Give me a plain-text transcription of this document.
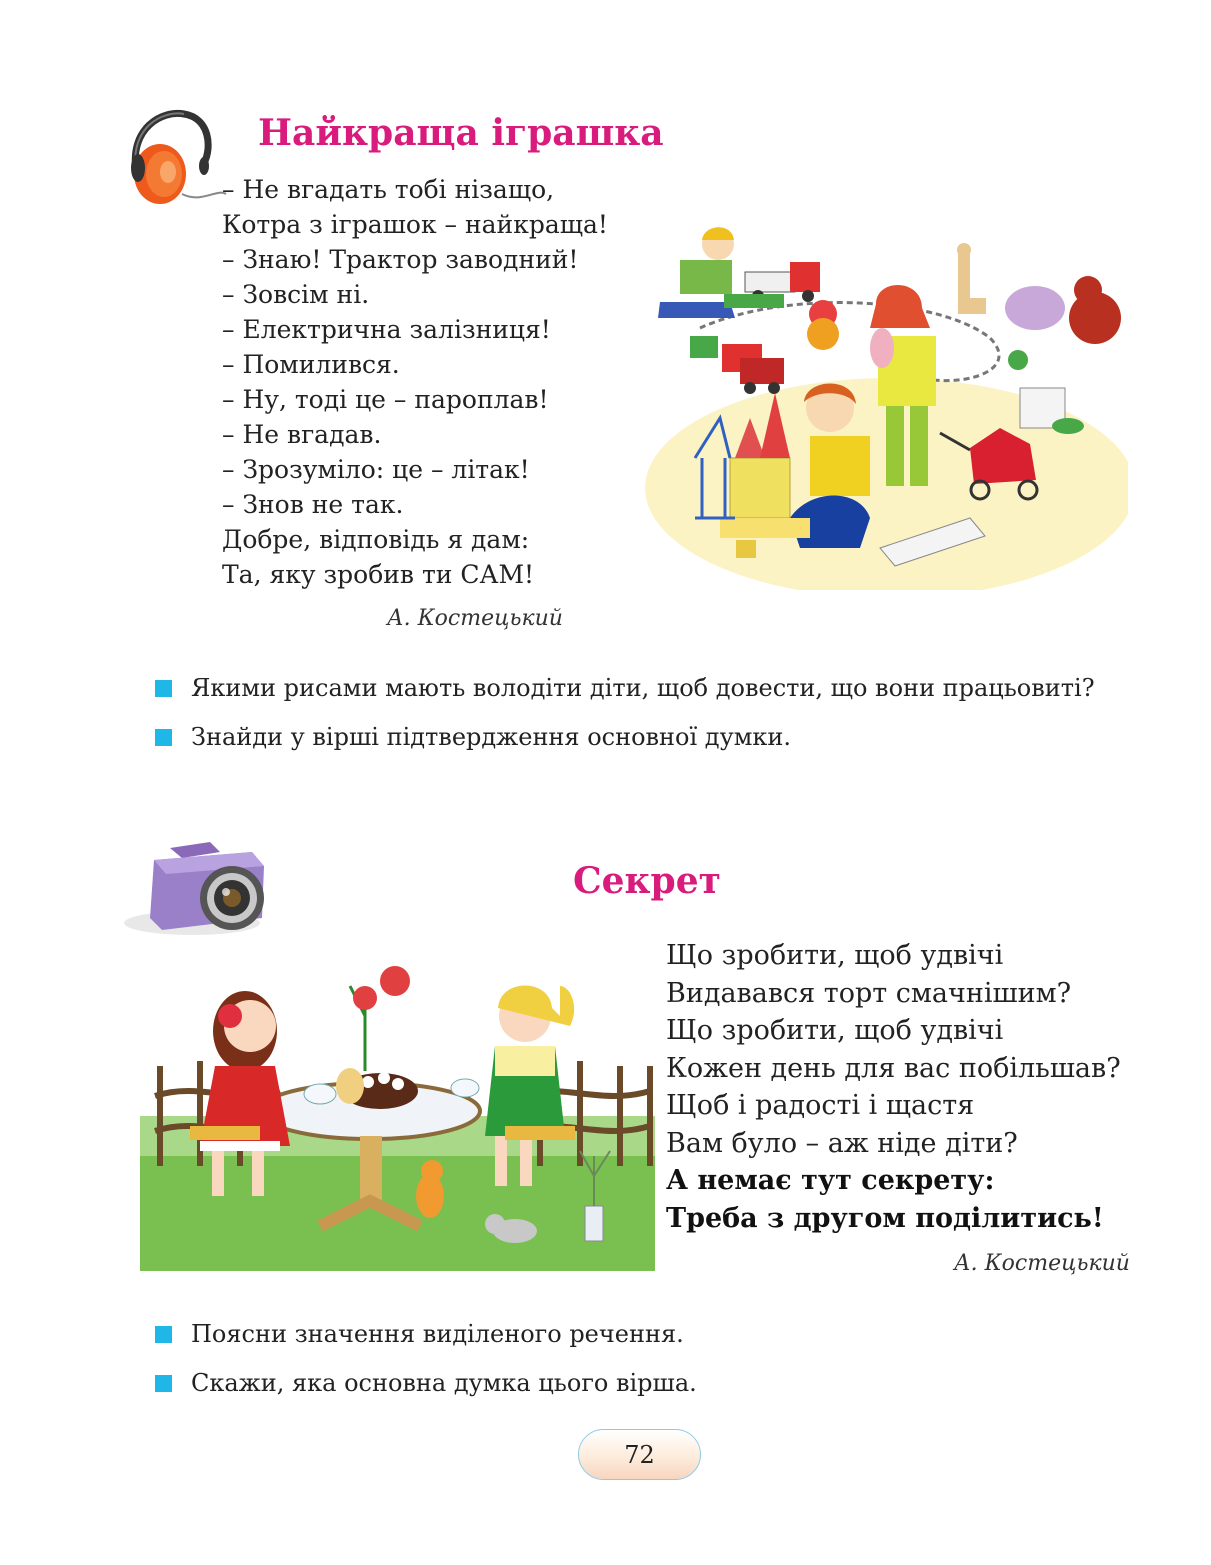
Найкраща іграшка
– Не вгадать тобі нізащо,
Котра з іграшок – найкраща!
– Знаю! Трактор заводний!
– Зовсім ні.
– Електрична залізниця!
– Помилився.
– Ну, тоді це – пароплав!
– Не вгадав.
– Зрозуміло: це – літак!
– Знов не так.
Добре, відповідь я дам:
Та, яку зробив ти САМ!
А. Костецький
Якими рисами мають володіти діти, щоб довести, що вони працьовиті?
Знайди у вірші підтвердження основної думки.
Секрет
Що зробити, щоб удвічі
Видавався торт смачнішим?
Що зробити, щоб удвічі
Кожен день для вас побільшав?
Щоб і радості і щастя
Вам було – аж ніде діти?
А немає тут секрету:
Треба з другом поділитись!
А. Костецький
Поясни значення виділеного речення.
Скажи, яка основна думка цього вірша.
72
